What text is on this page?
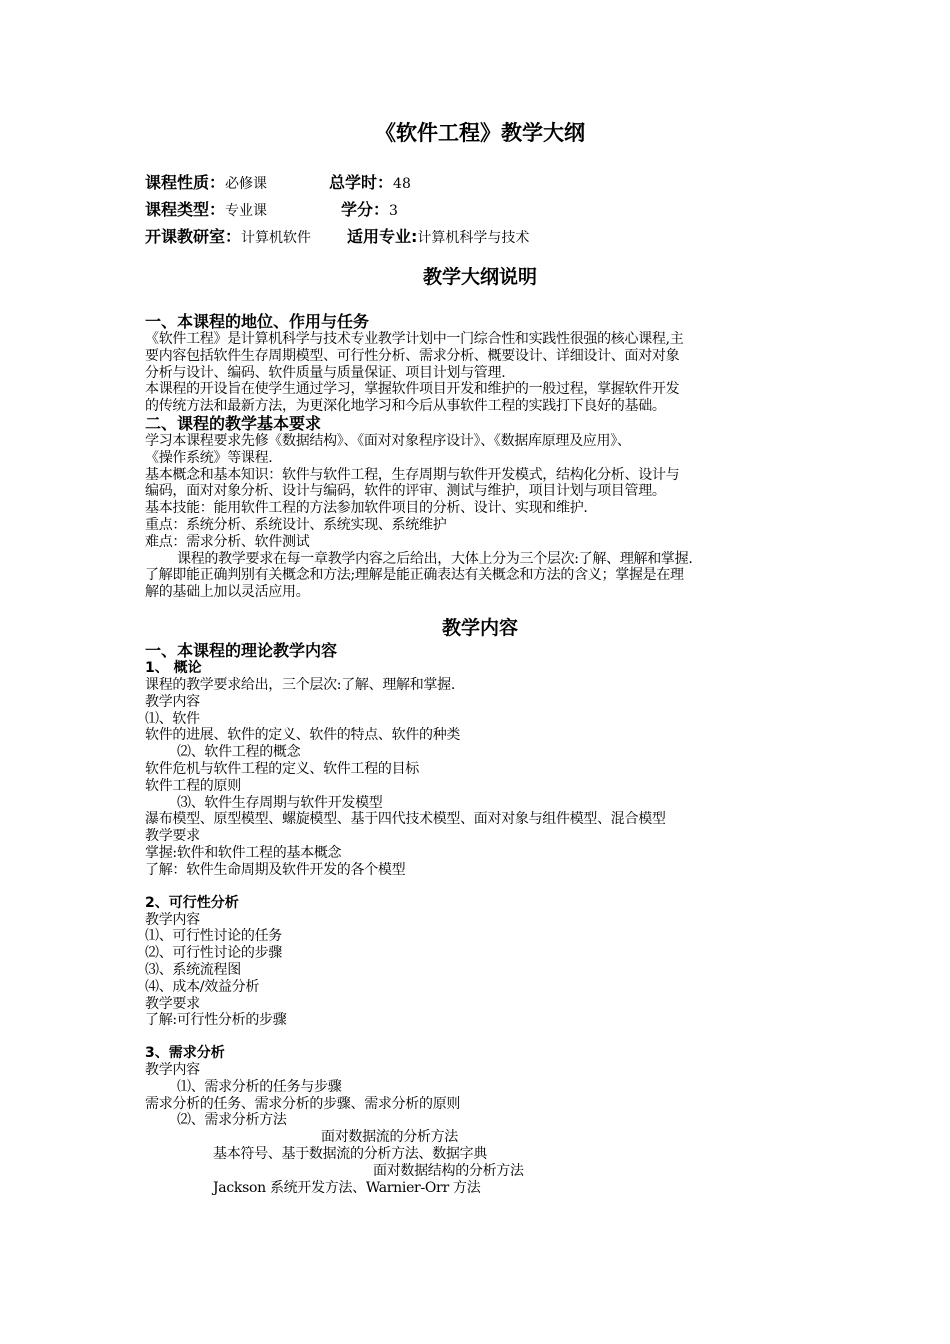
《软件工程》教学大纲
课程性质：必修课	总学时：48
课程类型：专业课	学分：3
开课教研室：计算机软件 适用专业:计算机科学与技术
教学大纲说明
一、本课程的地位、作用与任务
《软件工程》是计算机科学与技术专业教学计划中一门综合性和实践性很强的核心课程,主
要内容包括软件生存周期模型、可行性分析、需求分析、概要设计、详细设计、面对对象
分析与设计、编码、软件质量与质量保证、项目计划与管理.
本课程的开设旨在使学生通过学习，掌握软件项目开发和维护的一般过程，掌握软件开发
的传统方法和最新方法，为更深化地学习和今后从事软件工程的实践打下良好的基础。
二、课程的教学基本要求
学习本课程要求先修《数据结构》、《面对对象程序设计》、《数据库原理及应用》、
《操作系统》等课程.
基本概念和基本知识：软件与软件工程，生存周期与软件开发模式，结构化分析、设计与
编码，面对对象分析、设计与编码，软件的评审、测试与维护，项目计划与项目管理。
基本技能：能用软件工程的方法参加软件项目的分析、设计、实现和维护.
重点：系统分析、系统设计、系统实现、系统维护
难点：需求分析、软件测试
课程的教学要求在每一章教学内容之后给出，大体上分为三个层次:了解、理解和掌握.
了解即能正确判别有关概念和方法;理解是能正确表达有关概念和方法的含义；掌握是在理
解的基础上加以灵活应用。
教学内容
一、本课程的理论教学内容
1、 概论
课程的教学要求给出，三个层次:了解、理解和掌握.
教学内容
⑴、软件
软件的进展、软件的定义、软件的特点、软件的种类
⑵、软件工程的概念
软件危机与软件工程的定义、软件工程的目标
软件工程的原则
⑶、软件生存周期与软件开发模型
瀑布模型、原型模型、螺旋模型、基于四代技术模型、面对对象与组件模型、混合模型
教学要求
掌握:软件和软件工程的基本概念
了解：软件生命周期及软件开发的各个模型
2、可行性分析
教学内容
⑴、可行性讨论的任务
⑵、可行性讨论的步骤
⑶、系统流程图
⑷、成本/效益分析
教学要求
了解:可行性分析的步骤
3、需求分析
教学内容
⑴、需求分析的任务与步骤
需求分析的任务、需求分析的步骤、需求分析的原则
⑵、需求分析方法
面对数据流的分析方法
基本符号、基于数据流的分析方法、数据字典
面对数据结构的分析方法
Jackson 系统开发方法、Warnier-Orr 方法
